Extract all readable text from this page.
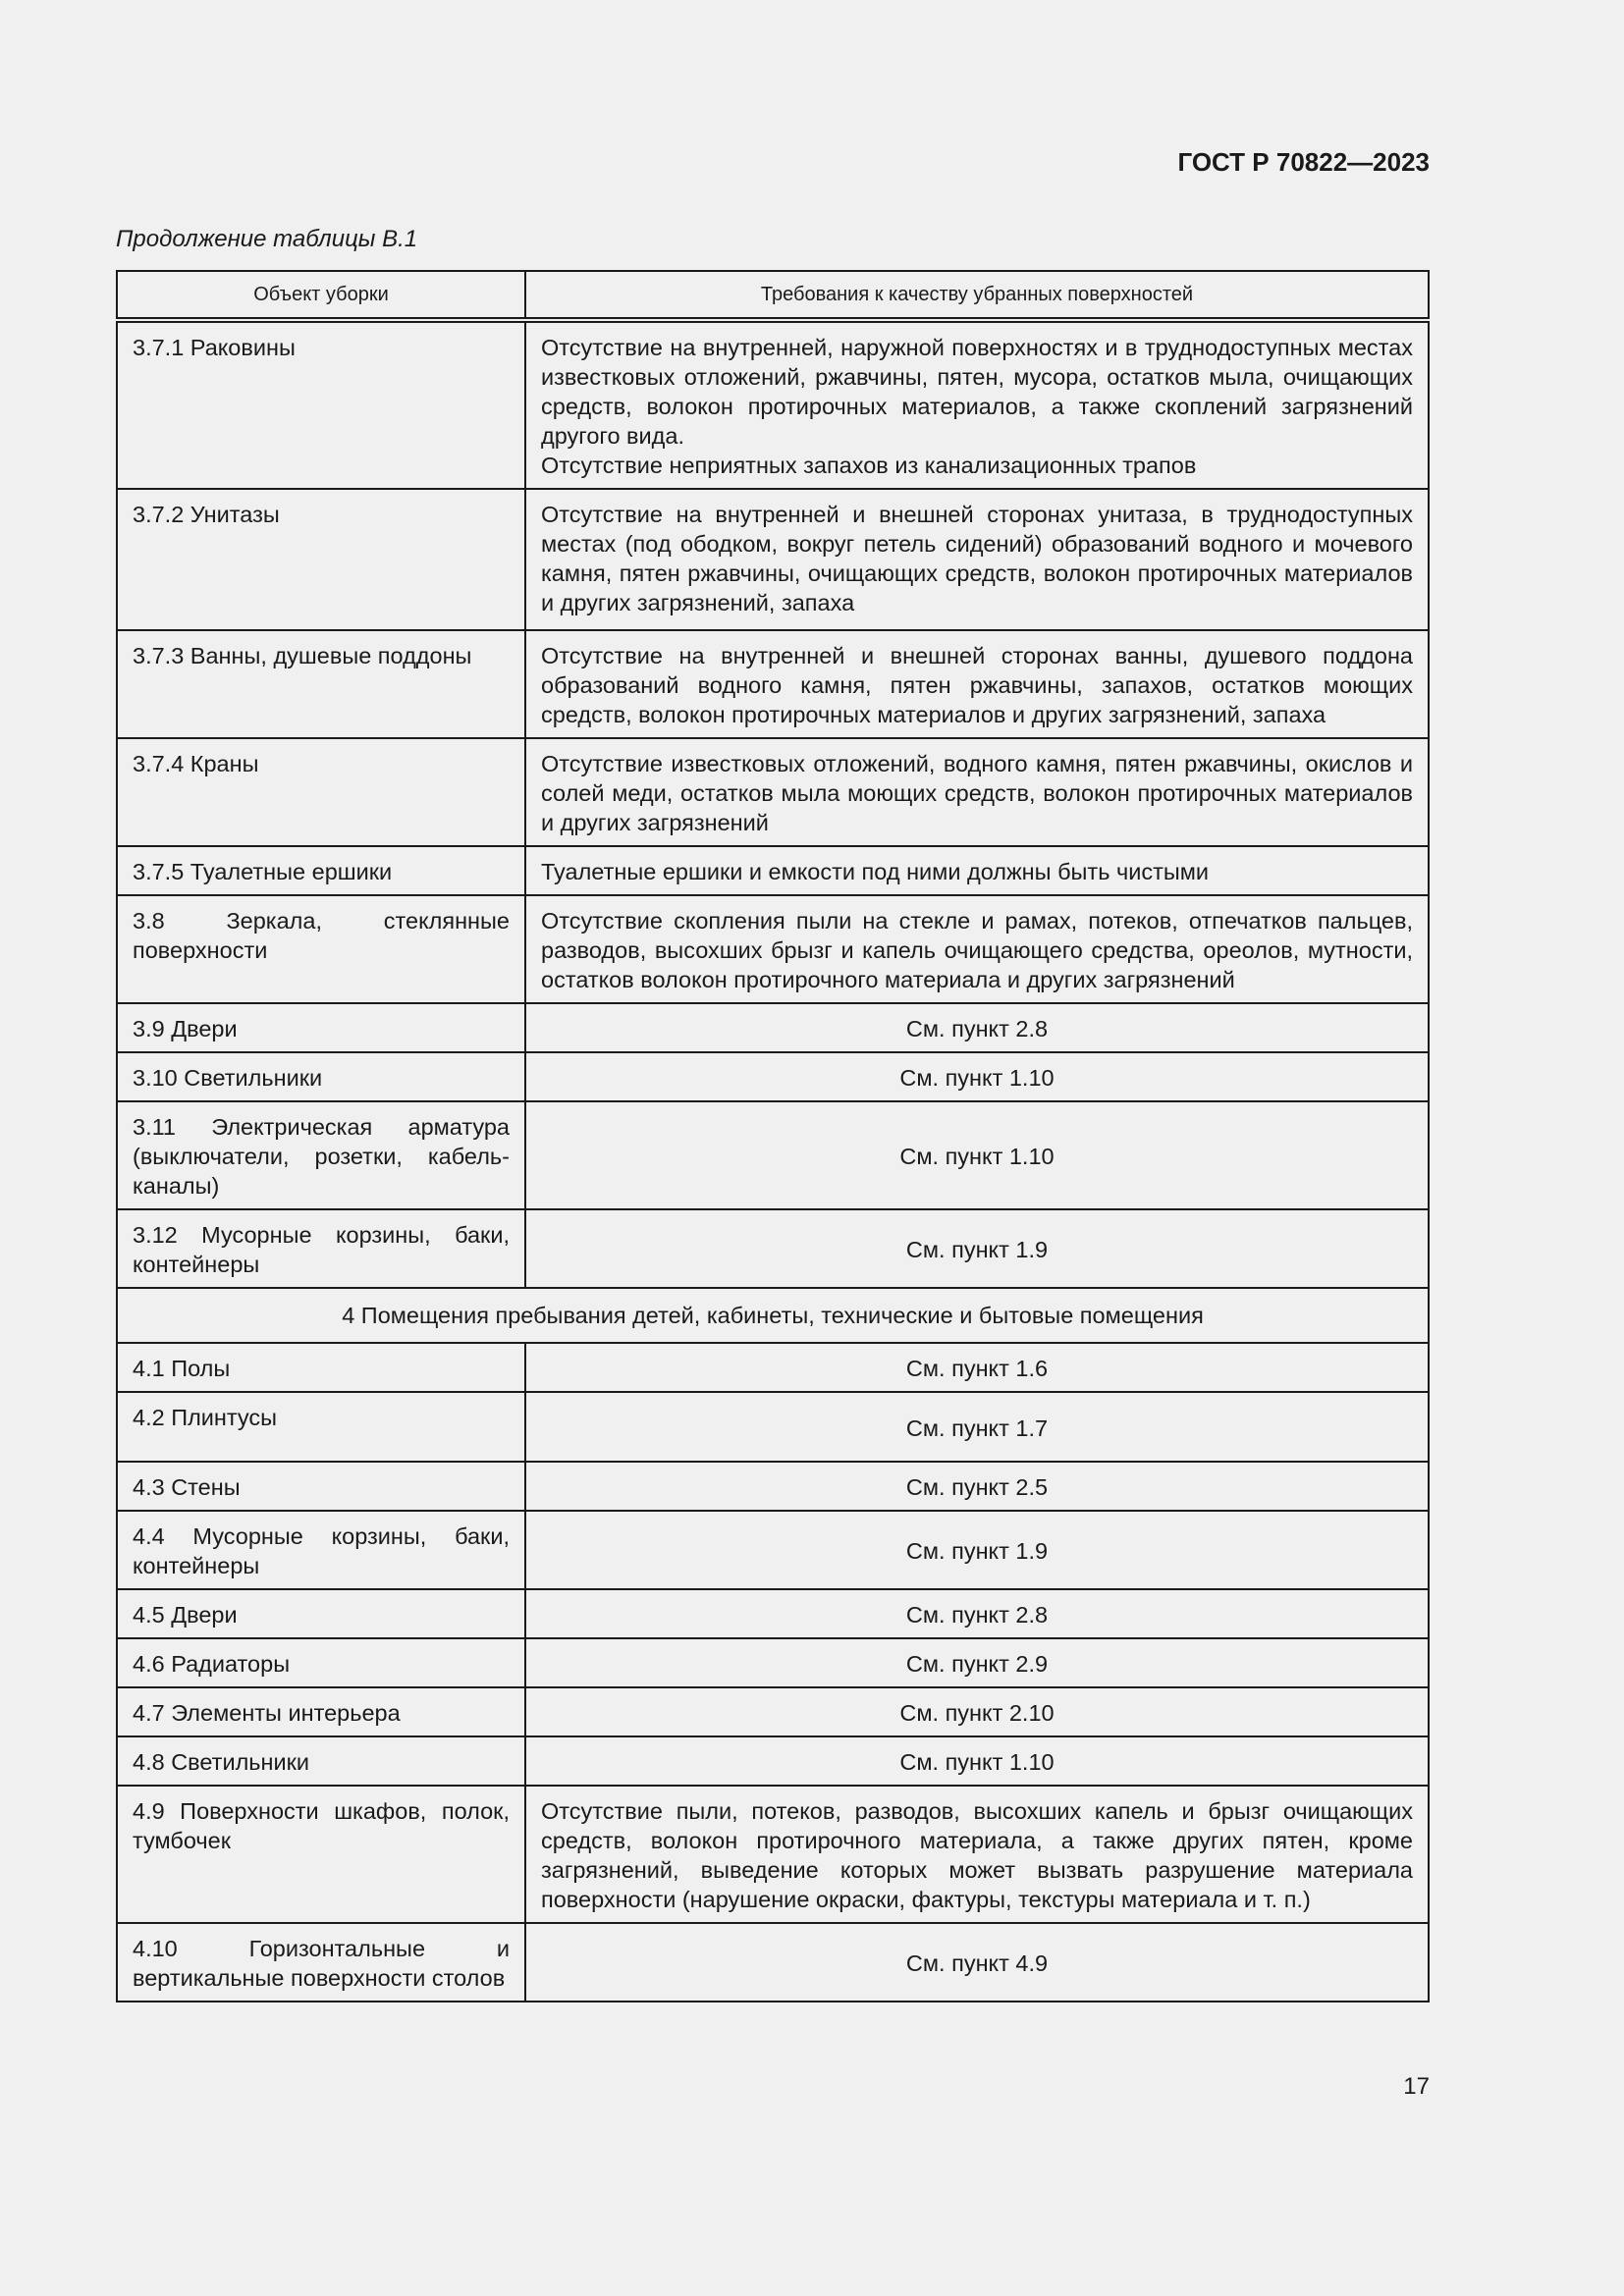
ГОСТ Р 70822—2023
Продолжение таблицы В.1
Объект уборки	Требования к качеству убранных поверхностей
3.7.1 Раковины	Отсутствие на внутренней, наружной поверхностях и в труднодоступных местах известковых отложений, ржавчины, пятен, мусора, остатков мыла, очищающих средств, волокон протирочных материалов, а также скоплений загрязнений другого вида.

Отсутствие неприятных запахов из канализационных трапов

3.7.2 Унитазы	Отсутствие на внутренней и внешней сторонах унитаза, в труднодоступных местах (под ободком, вокруг петель сидений) образований водного и мочевого камня, пятен ржавчины, очищающих средств, волокон протирочных материалов и других загрязнений, запаха
3.7.3 Ванны, душевые поддоны	Отсутствие на внутренней и внешней сторонах ванны, душевого поддона образований водного камня, пятен ржавчины, запахов, остатков моющих средств, волокон протирочных материалов и других загрязнений, запаха
3.7.4 Краны	Отсутствие известковых отложений, водного камня, пятен ржавчины, окислов и солей меди, остатков мыла моющих средств, волокон протирочных материалов и других загрязнений
3.7.5 Туалетные ершики	Туалетные ершики и емкости под ними должны быть чистыми
3.8 Зеркала, стеклянные поверхности	Отсутствие скопления пыли на стекле и рамах, потеков, отпечатков пальцев, разводов, высохших брызг и капель очищающего средства, ореолов, мутности, остатков волокон протирочного материала и других загрязнений
3.9 Двери	См. пункт 2.8
3.10 Светильники	См. пункт 1.10
3.11 Электрическая арматура (выключатели, розетки, кабель-каналы)	См. пункт 1.10
3.12 Мусорные корзины, баки, контейнеры	См. пункт 1.9
4 Помещения пребывания детей, кабинеты, технические и бытовые помещения	
4.1 Полы	См. пункт 1.6
4.2 Плинтусы	См. пункт 1.7
4.3 Стены	См. пункт 2.5
4.4 Мусорные корзины, баки, контейнеры	См. пункт 1.9
4.5 Двери	См. пункт 2.8
4.6 Радиаторы	См. пункт 2.9
4.7 Элементы интерьера	См. пункт 2.10
4.8 Светильники	См. пункт 1.10
4.9 Поверхности шкафов, полок, тумбочек	Отсутствие пыли, потеков, разводов, высохших капель и брызг очищающих средств, волокон протирочного материала, а также других пятен, кроме загрязнений, выведение которых может вызвать разрушение материала поверхности (нарушение окраски, фактуры, текстуры материала и т. п.)
4.10 Горизонтальные и вертикальные поверхности столов	См. пункт 4.9
17
